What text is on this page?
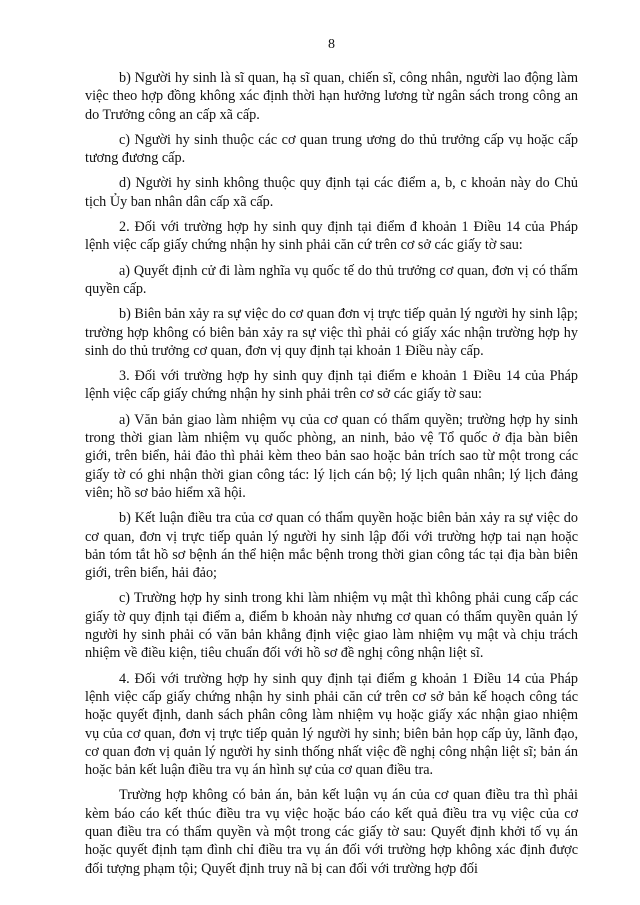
8

b) Người hy sinh là sĩ quan, hạ sĩ quan, chiến sĩ, công nhân, người lao động làm việc theo hợp đồng không xác định thời hạn hưởng lương từ ngân sách trong công an do Trưởng công an cấp xã cấp.

c) Người hy sinh thuộc các cơ quan trung ương do thủ trưởng cấp vụ hoặc cấp tương đương cấp.

d) Người hy sinh không thuộc quy định tại các điểm a, b, c khoản này do Chủ tịch Ủy ban nhân dân cấp xã cấp.

2. Đối với trường hợp hy sinh quy định tại điểm đ khoản 1 Điều 14 của Pháp lệnh việc cấp giấy chứng nhận hy sinh phải căn cứ trên cơ sở các giấy tờ sau:

a) Quyết định cử đi làm nghĩa vụ quốc tế do thủ trưởng cơ quan, đơn vị có thẩm quyền cấp.

b) Biên bản xảy ra sự việc do cơ quan đơn vị trực tiếp quản lý người hy sinh lập; trường hợp không có biên bản xảy ra sự việc thì phải có giấy xác nhận trường hợp hy sinh do thủ trưởng cơ quan, đơn vị quy định tại khoản 1 Điều này cấp.

3. Đối với trường hợp hy sinh quy định tại điểm e khoản 1 Điều 14 của Pháp lệnh việc cấp giấy chứng nhận hy sinh phải trên cơ sở các giấy tờ sau:

a) Văn bản giao làm nhiệm vụ của cơ quan có thẩm quyền; trường hợp hy sinh trong thời gian làm nhiệm vụ quốc phòng, an ninh, bảo vệ Tổ quốc ở địa bàn biên giới, trên biển, hải đảo thì phải kèm theo bản sao hoặc bản trích sao từ một trong các giấy tờ có ghi nhận thời gian công tác: lý lịch cán bộ; lý lịch quân nhân; lý lịch đảng viên; hồ sơ bảo hiểm xã hội.

b) Kết luận điều tra của cơ quan có thẩm quyền hoặc biên bản xảy ra sự việc do cơ quan, đơn vị trực tiếp quản lý người hy sinh lập đối với trường hợp tai nạn hoặc bản tóm tắt hồ sơ bệnh án thể hiện mắc bệnh trong thời gian công tác tại địa bàn biên giới, trên biển, hải đảo;

c) Trường hợp hy sinh trong khi làm nhiệm vụ mật thì không phải cung cấp các giấy tờ quy định tại điểm a, điểm b khoản này nhưng cơ quan có thẩm quyền quản lý người hy sinh phải có văn bản khẳng định việc giao làm nhiệm vụ mật và chịu trách nhiệm về điều kiện, tiêu chuẩn đối với hồ sơ đề nghị công nhận liệt sĩ.

4. Đối với trường hợp hy sinh quy định tại điểm g khoản 1 Điều 14 của Pháp lệnh việc cấp giấy chứng nhận hy sinh phải căn cứ trên cơ sở bản kế hoạch công tác hoặc quyết định, danh sách phân công làm nhiệm vụ hoặc giấy xác nhận giao nhiệm vụ của cơ quan, đơn vị trực tiếp quản lý người hy sinh; biên bản họp cấp ủy, lãnh đạo, cơ quan đơn vị quản lý người hy sinh thống nhất việc đề nghị công nhận liệt sĩ; bản án hoặc bản kết luận điều tra vụ án hình sự của cơ quan điều tra.

Trường hợp không có bản án, bản kết luận vụ án của cơ quan điều tra thì phải kèm báo cáo kết thúc điều tra vụ việc hoặc báo cáo kết quả điều tra vụ việc của cơ quan điều tra có thẩm quyền và một trong các giấy tờ sau: Quyết định khởi tố vụ án hoặc quyết định tạm đình chỉ điều tra vụ án đối với trường hợp không xác định được đối tượng phạm tội; Quyết định truy nã bị can đối với trường hợp đối
